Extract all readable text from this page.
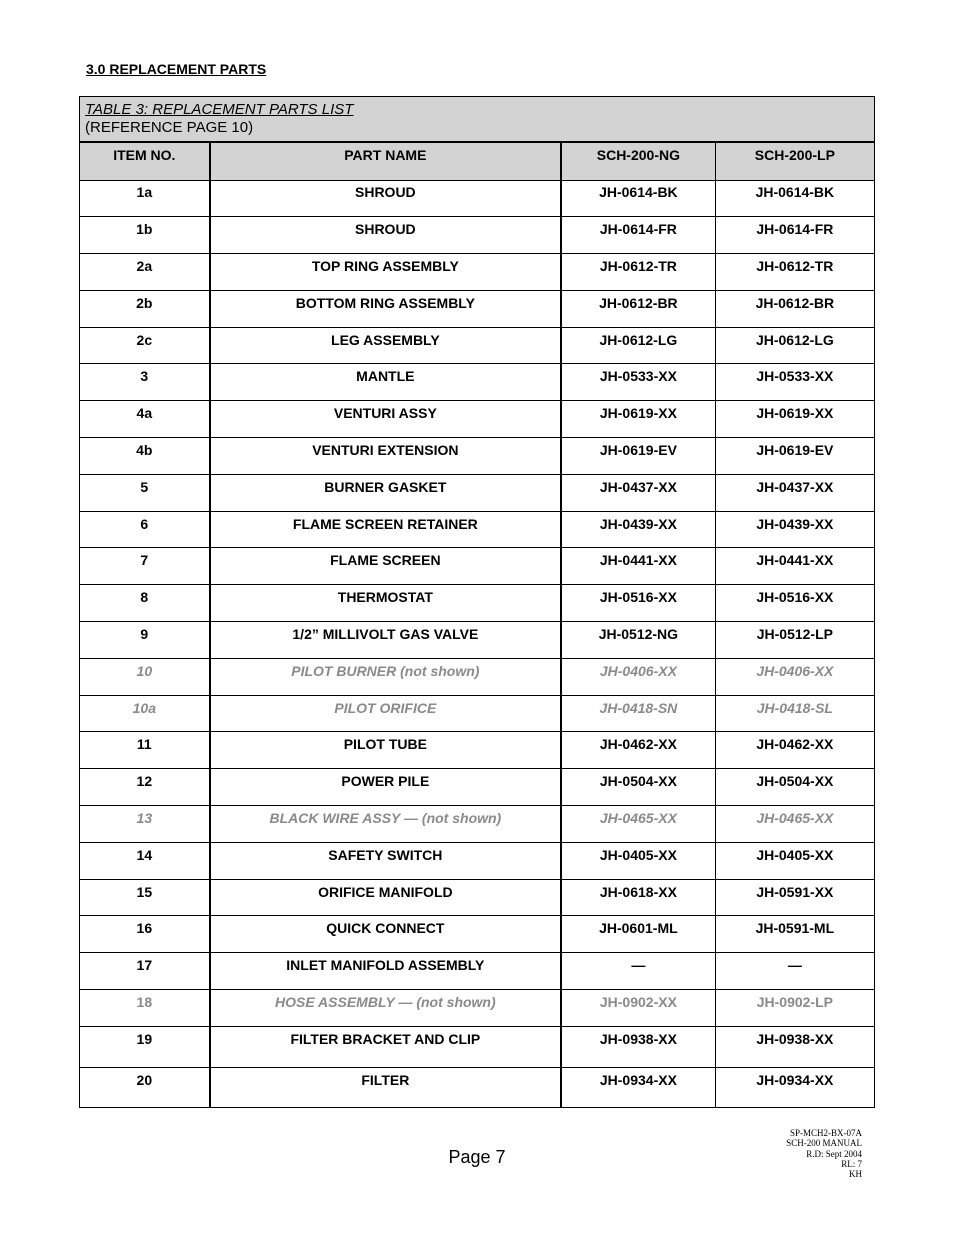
3.0 REPLACEMENT PARTS
TABLE 3: REPLACEMENT PARTS LIST
(REFERENCE PAGE 10)			

ITEM NO.	PART NAME	SCH-200-NG	SCH-200-LP
1a	SHROUD	JH-0614-BK	JH-0614-BK
1b	SHROUD	JH-0614-FR	JH-0614-FR
2a	TOP RING ASSEMBLY	JH-0612-TR	JH-0612-TR
2b	BOTTOM RING ASSEMBLY	JH-0612-BR	JH-0612-BR
2c	LEG ASSEMBLY	JH-0612-LG	JH-0612-LG
3	MANTLE	JH-0533-XX	JH-0533-XX
4a	VENTURI ASSY	JH-0619-XX	JH-0619-XX
4b	VENTURI EXTENSION	JH-0619-EV	JH-0619-EV
5	BURNER GASKET	JH-0437-XX	JH-0437-XX
6	FLAME SCREEN RETAINER	JH-0439-XX	JH-0439-XX
7	FLAME SCREEN	JH-0441-XX	JH-0441-XX
8	THERMOSTAT	JH-0516-XX	JH-0516-XX
9	1/2” MILLIVOLT GAS VALVE	JH-0512-NG	JH-0512-LP
10	PILOT BURNER (not shown)	JH-0406-XX	JH-0406-XX
10a	PILOT ORIFICE	JH-0418-SN	JH-0418-SL
11	PILOT TUBE	JH-0462-XX	JH-0462-XX
12	POWER PILE	JH-0504-XX	JH-0504-XX
13	BLACK WIRE ASSY — (not shown)	JH-0465-XX	JH-0465-XX
14	SAFETY SWITCH	JH-0405-XX	JH-0405-XX
15	ORIFICE MANIFOLD	JH-0618-XX	JH-0591-XX
16	QUICK CONNECT	JH-0601-ML	JH-0591-ML
17	INLET MANIFOLD ASSEMBLY	—	—
18	HOSE ASSEMBLY — (not shown)	JH-0902-XX	JH-0902-LP
19	FILTER BRACKET AND CLIP	JH-0938-XX	JH-0938-XX
20	FILTER	JH-0934-XX	JH-0934-XX
Page 7
SP-MCH2-BX-07A
SCH-200 MANUAL
R.D: Sept 2004
RL: 7
KH
